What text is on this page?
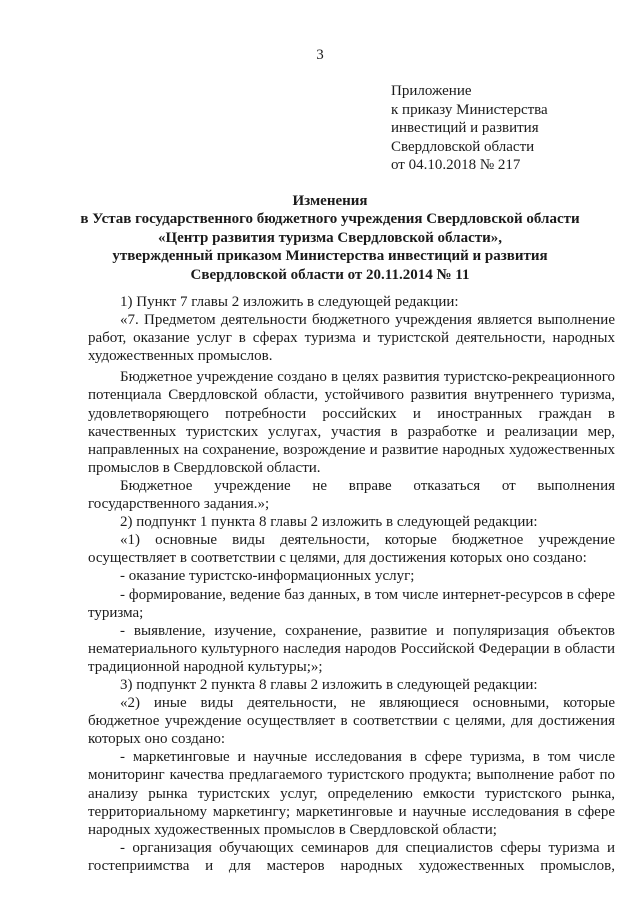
3
Приложение
к приказу Министерства
инвестиций и развития
Свердловской области
от 04.10.2018 № 217
Изменения
в Устав государственного бюджетного учреждения Свердловской области
«Центр развития туризма Свердловской области»,
утвержденный приказом Министерства инвестиций и развития
Свердловской области от 20.11.2014 № 11

1) Пункт 7 главы 2 изложить в следующей редакции:

«7. Предметом деятельности бюджетного учреждения является выполнение работ, оказание услуг в сферах туризма и туристской деятельности, народных художественных промыслов.

Бюджетное учреждение создано в целях развития туристско-рекреационного потенциала Свердловской области, устойчивого развития внутреннего туризма, удовлетворяющего потребности российских и иностранных граждан в качественных туристских услугах, участия в разработке и реализации мер, направленных на сохранение, возрождение и развитие народных художественных промыслов в Свердловской области.

Бюджетное учреждение не вправе отказаться от выполнения государственного задания.»;

2) подпункт 1 пункта 8 главы 2 изложить в следующей редакции:

«1) основные виды деятельности, которые бюджетное учреждение осуществляет в соответствии с целями, для достижения которых оно создано:

- оказание туристско-информационных услуг;

- формирование, ведение баз данных, в том числе интернет-ресурсов в сфере туризма;

- выявление, изучение, сохранение, развитие и популяризация объектов нематериального культурного наследия народов Российской Федерации в области традиционной народной культуры;»;

3) подпункт 2 пункта 8 главы 2 изложить в следующей редакции:

«2) иные виды деятельности, не являющиеся основными, которые бюджетное учреждение осуществляет в соответствии с целями, для достижения которых оно создано:

- маркетинговые и научные исследования в сфере туризма, в том числе мониторинг качества предлагаемого туристского продукта; выполнение работ по анализу рынка туристских услуг, определению емкости туристского рынка, территориальному маркетингу; маркетинговые и научные исследования в сфере народных художественных промыслов в Свердловской области;

- организация обучающих семинаров для специалистов сферы туризма и гостеприимства и для мастеров народных художественных промыслов,
